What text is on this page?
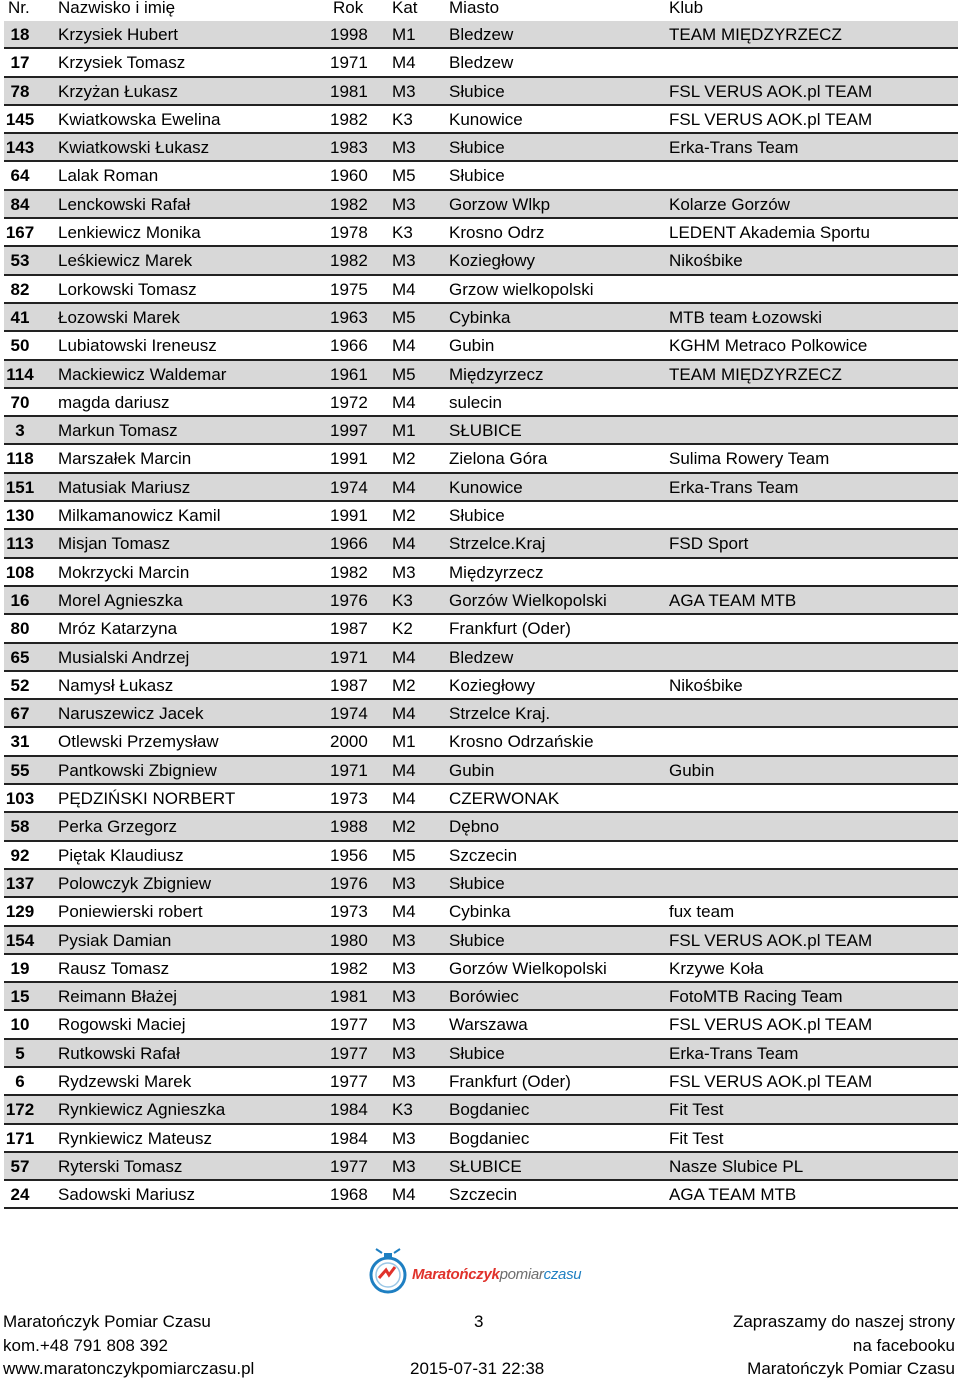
Nr. Nazwisko i imię	Rok Kat Miasto	Klub
18	Krzysiek Hubert	1998 M1 Bledzew	TEAM MIĘDZYRZECZ
17	Krzysiek Tomasz	1971 M4 Bledzew
78	Krzyżan Łukasz	1981 M3 Słubice	FSL VERUS AOK.pl TEAM
145 Kwiatkowska Ewelina	1982 K3 Kunowice	FSL VERUS AOK.pl TEAM
143 Kwiatkowski Łukasz	1983 M3 Słubice	Erka-Trans Team
64	Lalak Roman	1960 M5 Słubice
84	Lenckowski Rafał	1982 M3 Gorzow Wlkp	Kolarze Gorzów
167 Lenkiewicz Monika	1978 K3 Krosno Odrz	LEDENT Akademia Sportu
53	Leśkiewicz Marek	1982 M3 Koziegłowy	Nikośbike
82	Lorkowski Tomasz	1975 M4 Grzow wielkopolski
41	Łozowski Marek	1963 M5 Cybinka	MTB team Łozowski
50	Lubiatowski Ireneusz	1966 M4 Gubin	KGHM Metraco Polkowice
114 Mackiewicz Waldemar	1961 M5 Międzyrzecz	TEAM MIĘDZYRZECZ
70	magda dariusz	1972 M4 sulecin
3	Markun Tomasz	1997 M1 SŁUBICE
118 Marszałek Marcin	1991 M2 Zielona Góra	Sulima Rowery Team
151 Matusiak Mariusz	1974 M4 Kunowice	Erka-Trans Team
130 Milkamanowicz Kamil	1991 M2 Słubice
113 Misjan Tomasz	1966 M4 Strzelce.Kraj	FSD Sport
108 Mokrzycki Marcin	1982 M3 Międzyrzecz
16	Morel Agnieszka	1976 K3 Gorzów Wielkopolski	AGA TEAM MTB
80	Mróz Katarzyna	1987 K2 Frankfurt (Oder)
65	Musialski Andrzej	1971 M4 Bledzew
52	Namysł Łukasz	1987 M2 Koziegłowy	Nikośbike
67	Naruszewicz Jacek	1974 M4 Strzelce Kraj.
31	Otlewski Przemysław	2000 M1 Krosno Odrzańskie
55	Pantkowski Zbigniew	1971 M4 Gubin	Gubin
103 PĘDZIŃSKI NORBERT	1973 M4 CZERWONAK
58	Perka Grzegorz	1988 M2 Dębno
92	Piętak Klaudiusz	1956 M5 Szczecin
137 Polowczyk Zbigniew	1976 M3 Słubice
129 Poniewierski robert	1973 M4 Cybinka	fux team
154 Pysiak Damian	1980 M3 Słubice	FSL VERUS AOK.pl TEAM
19	Rausz Tomasz	1982 M3 Gorzów Wielkopolski	Krzywe Koła
15	Reimann Błażej	1981 M3 Borówiec	FotoMTB Racing Team
10	Rogowski Maciej	1977 M3 Warszawa	FSL VERUS AOK.pl TEAM
5	Rutkowski Rafał	1977 M3 Słubice	Erka-Trans Team
6	Rydzewski Marek	1977 M3 Frankfurt (Oder)	FSL VERUS AOK.pl TEAM
172 Rynkiewicz Agnieszka	1984 K3 Bogdaniec	Fit Test
171 Rynkiewicz Mateusz	1984 M3 Bogdaniec	Fit Test
57	Ryterski Tomasz	1977 M3 SŁUBICE	Nasze Slubice PL
24	Sadowski Mariusz	1968 M4 Szczecin	AGA TEAM MTB
Maratończykpomiarczasu
Maratończyk Pomiar Czasu
kom.+48 791 808 392
www.maratonczykpomiarczasu.pl
3
2015-07-31 22:38
Zapraszamy do naszej strony
na facebooku
Maratończyk Pomiar Czasu
